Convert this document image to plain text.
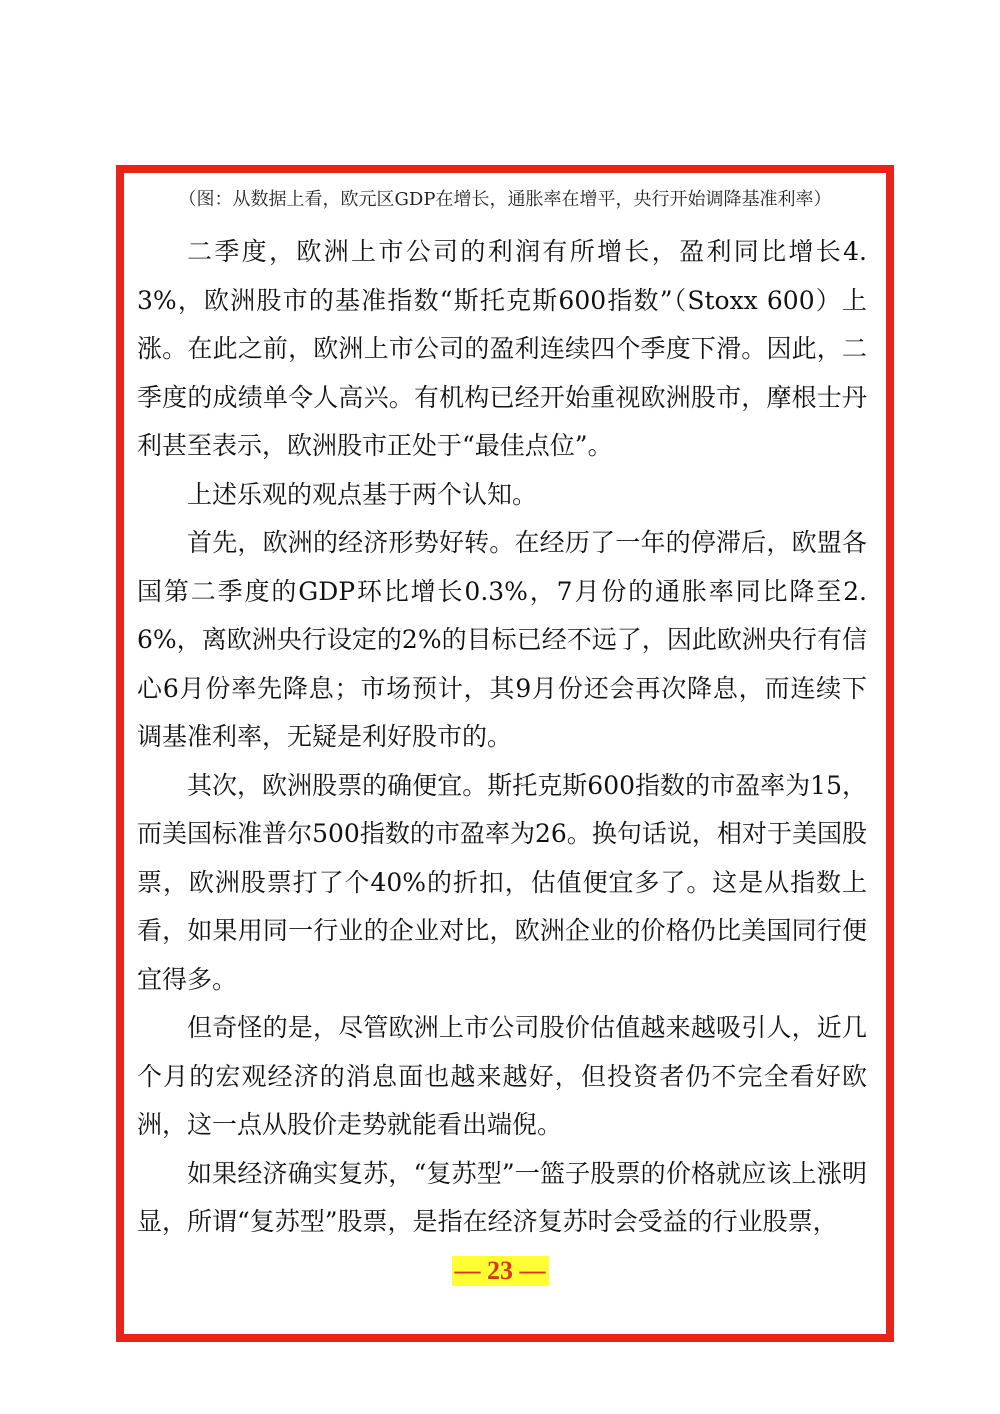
（图：从数据上看，欧元区GDP在增长，通胀率在增平，央行开始调降基准利率）

二季度，欧洲上市公司的利润有所增长，盈利同比增长4.3%，欧洲股市的基准指数“斯托克斯600指数”（Stoxx 600）上涨。在此之前，欧洲上市公司的盈利连续四个季度下滑。因此，二季度的成绩单令人高兴。有机构已经开始重视欧洲股市，摩根士丹利甚至表示，欧洲股市正处于“最佳点位”。

上述乐观的观点基于两个认知。

首先，欧洲的经济形势好转。在经历了一年的停滞后，欧盟各国第二季度的GDP环比增长0.3%，7月份的通胀率同比降至2.6%，离欧洲央行设定的2%的目标已经不远了，因此欧洲央行有信心6月份率先降息；市场预计，其9月份还会再次降息，而连续下调基准利率，无疑是利好股市的。

其次，欧洲股票的确便宜。斯托克斯600指数的市盈率为15，而美国标准普尔500指数的市盈率为26。换句话说，相对于美国股票，欧洲股票打了个40%的折扣，估值便宜多了。这是从指数上看，如果用同一行业的企业对比，欧洲企业的价格仍比美国同行便宜得多。

但奇怪的是，尽管欧洲上市公司股价估值越来越吸引人，近几个月的宏观经济的消息面也越来越好，但投资者仍不完全看好欧洲，这一点从股价走势就能看出端倪。

如果经济确实复苏，“复苏型”一篮子股票的价格就应该上涨明显，所谓“复苏型”股票，是指在经济复苏时会受益的行业股票，

— 23 —
